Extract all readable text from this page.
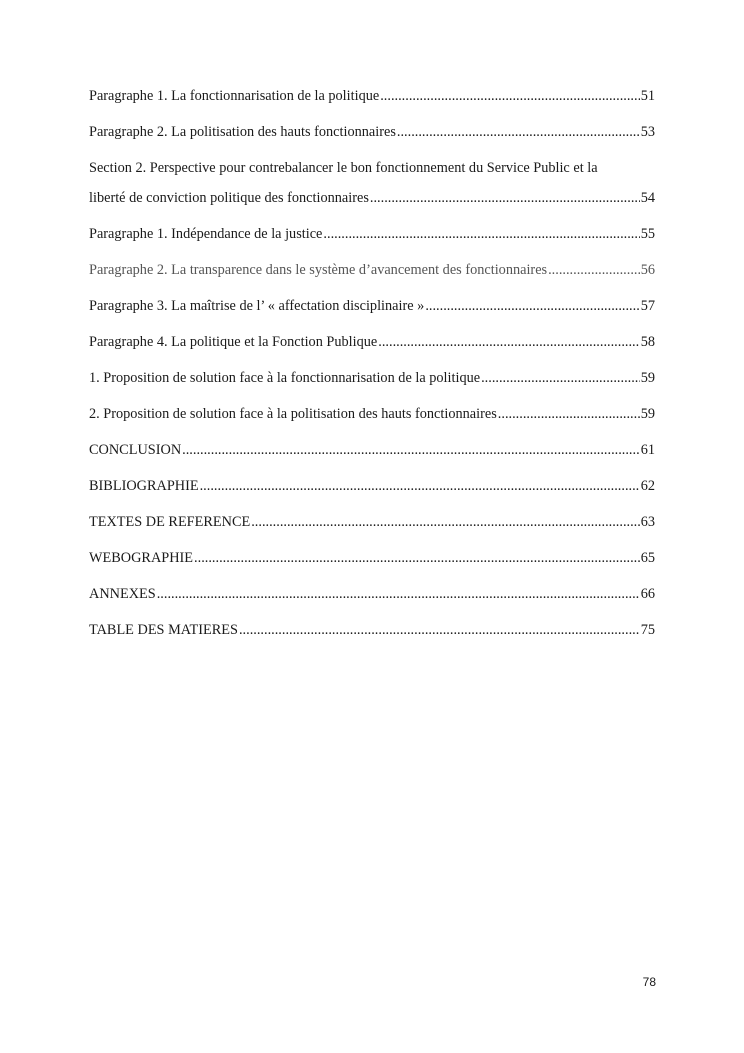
Paragraphe 1. La fonctionnarisation de la politique .....	51
Paragraphe 2. La politisation des hauts fonctionnaires .....	53
Section 2. Perspective pour contrebalancer le bon fonctionnement du Service Public et la
liberté de conviction politique des fonctionnaires .....	54
Paragraphe 1. Indépendance de la justice .....	55
Paragraphe 2. La transparence dans le système d’avancement des fonctionnaires .....	56
Paragraphe 3. La maîtrise de l’ « affectation disciplinaire » .....	57
Paragraphe 4. La politique et la Fonction Publique .....	58
1. Proposition de solution face à la fonctionnarisation de la politique .....	59
2. Proposition de solution face à la politisation des hauts fonctionnaires .....	59
CONCLUSION .....	61
BIBLIOGRAPHIE .....	62
TEXTES DE REFERENCE .....	63
WEBOGRAPHIE .....	65
ANNEXES .....	66
TABLE DES MATIERES .....	75
78
